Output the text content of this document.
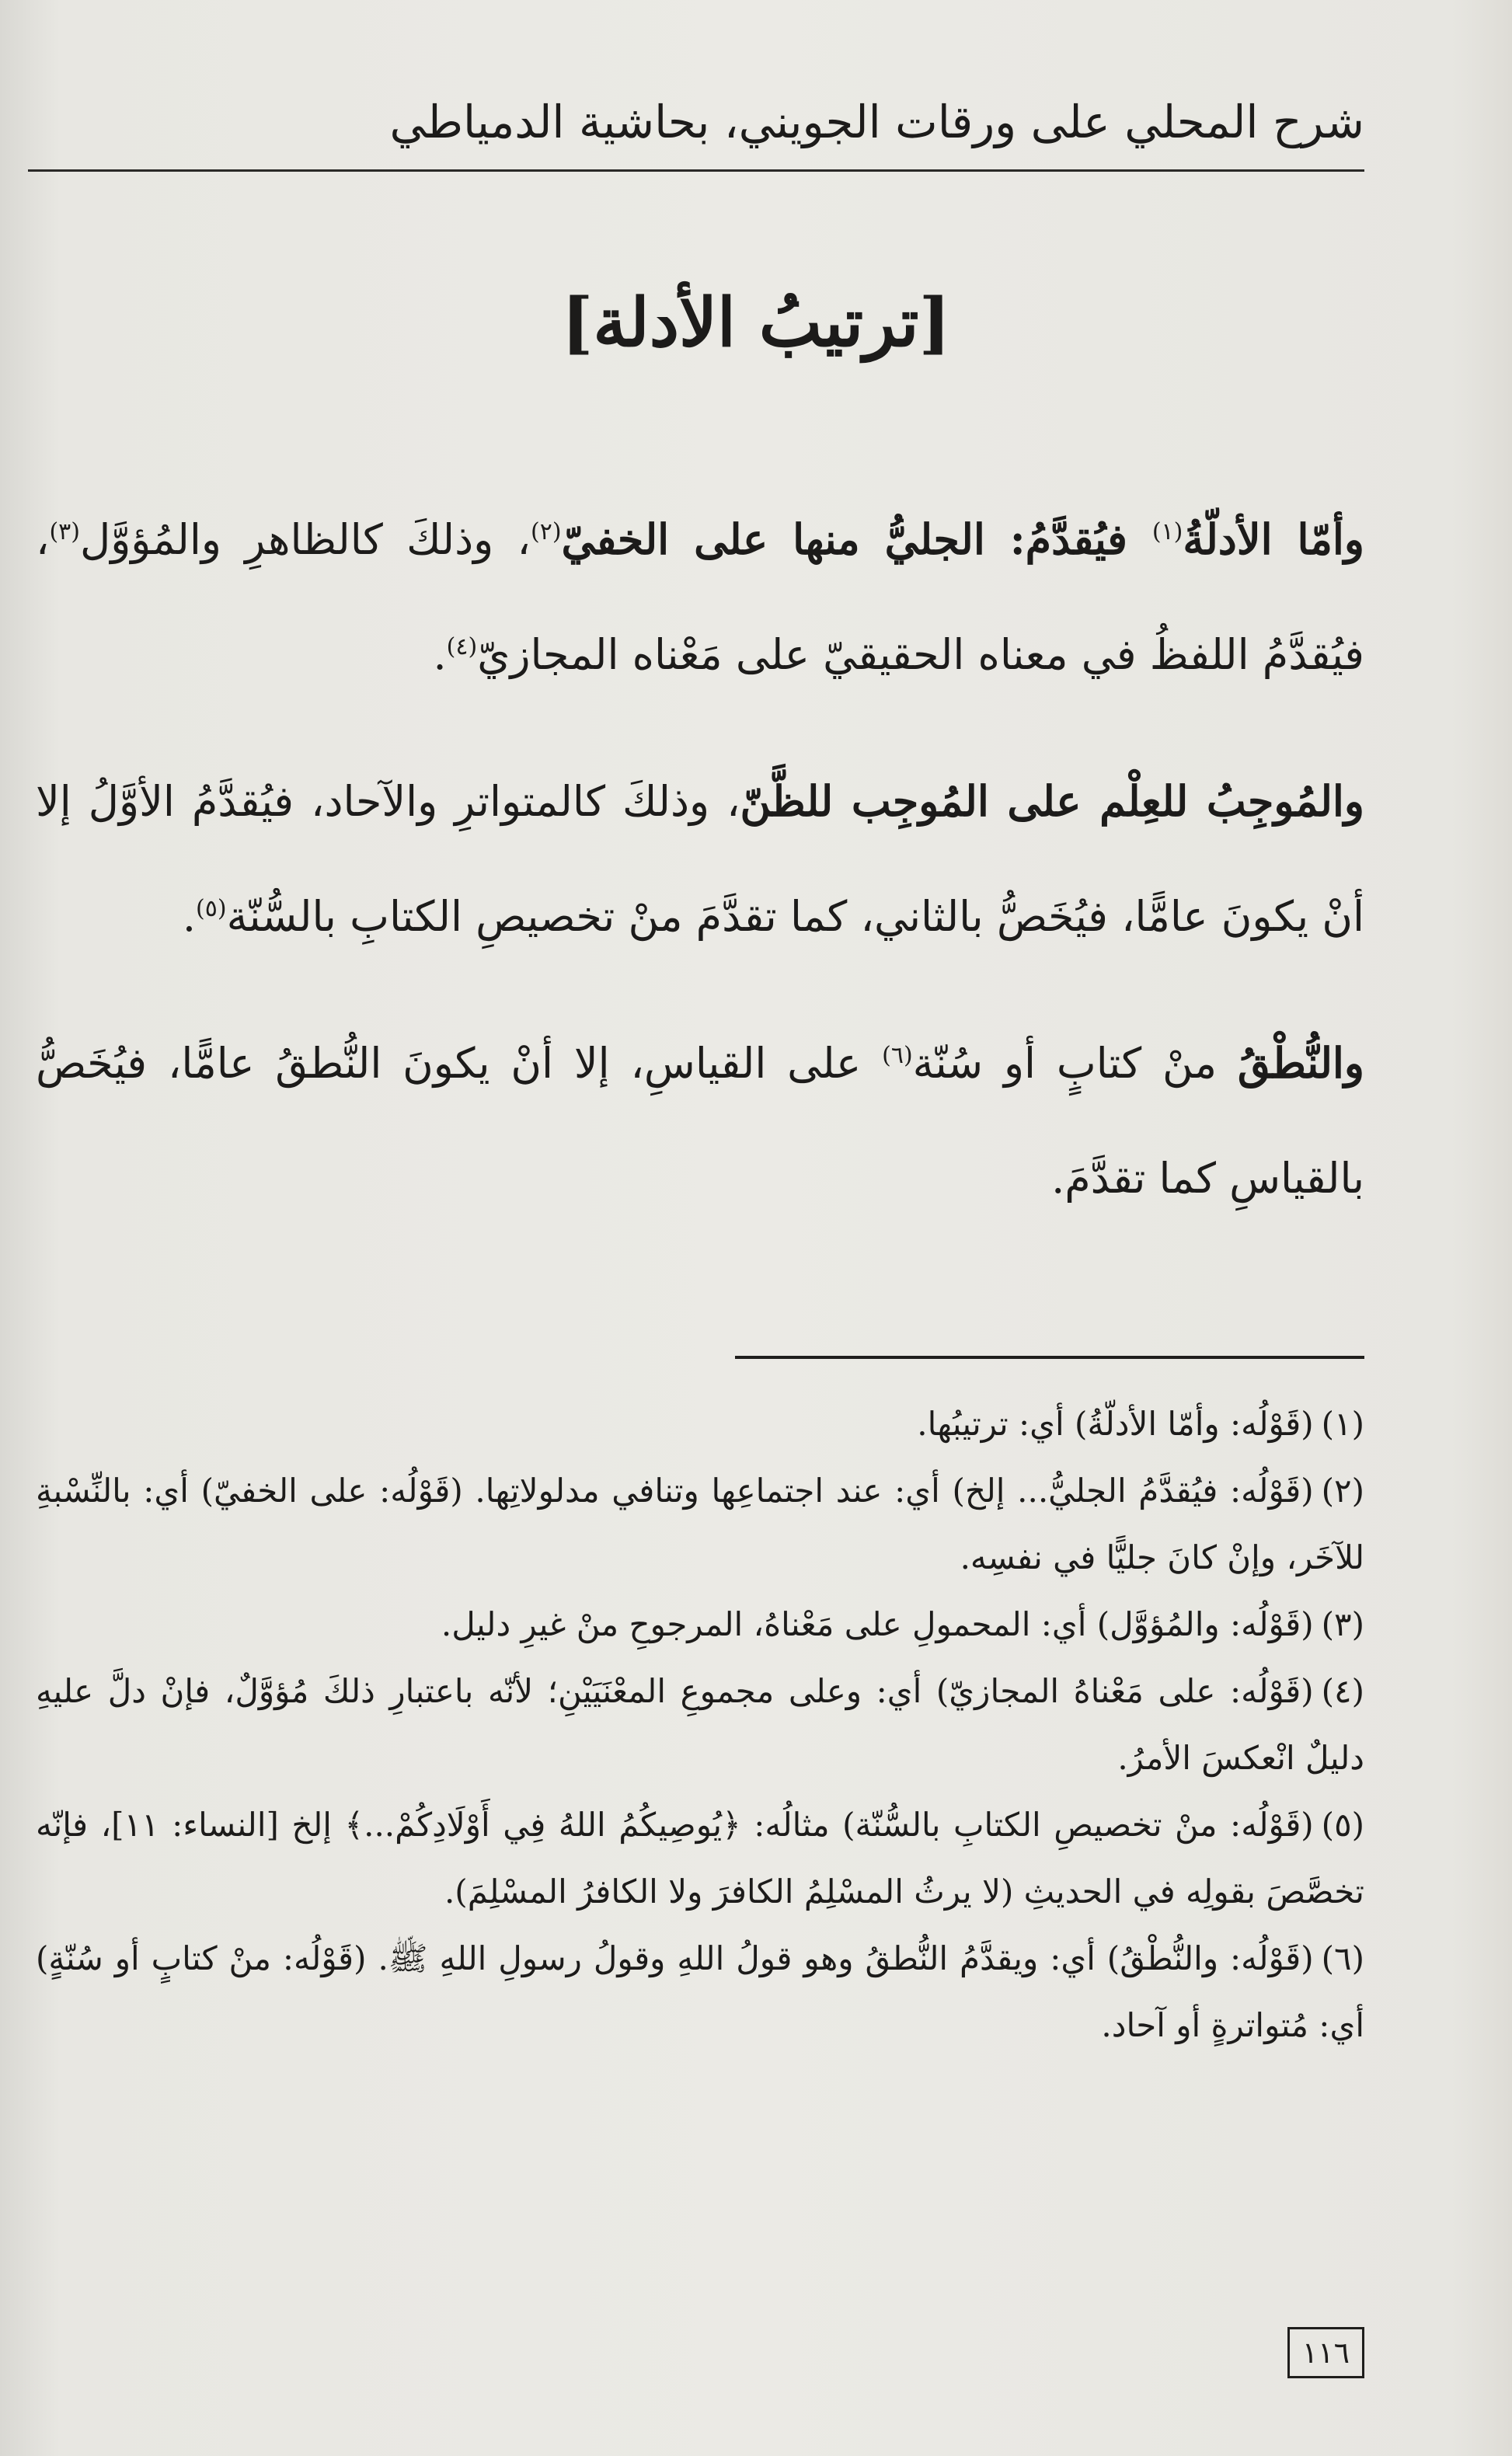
شرح المحلي على ورقات الجويني، بحاشية الدمياطي
[ترتيبُ الأدلة]

وأمّا الأدلّةُ$^{(١)}$ فيُقدَّمُ: الجليُّ منها على الخفيّ$^{(٢)}$، وذلكَ كالظاهرِ والمُؤوَّل$^{(٣)}$، فيُقدَّمُ اللفظُ في معناه الحقيقيّ على مَعْناه المجازيّ$^{(٤)}$.

والمُوجِبُ للعِلْم على المُوجِب للظَّنّ، وذلكَ كالمتواترِ والآحاد، فيُقدَّمُ الأوَّلُ إلا أنْ يكونَ عامًّا، فيُخَصُّ بالثاني، كما تقدَّمَ منْ تخصيصِ الكتابِ بالسُّنّة$^{(٥)}$.

والنُّطْقُ منْ كتابٍ أو سُنّة$^{(٦)}$ على القياسِ، إلا أنْ يكونَ النُّطقُ عامًّا، فيُخَصُّ بالقياسِ كما تقدَّمَ.

(١)(قَوْلُه: وأمّا الأدلّةُ) أي: ترتيبُها.

(٢)(قَوْلُه: فيُقدَّمُ الجليُّ... إلخ) أي: عند اجتماعِها وتنافي مدلولاتِها. (قَوْلُه: على الخفيّ) أي: بالنِّسْبةِ للآخَر، وإنْ كانَ جليًّا في نفسِه.

(٣)(قَوْلُه: والمُؤوَّل) أي: المحمولِ على مَعْناهُ، المرجوحِ منْ غيرِ دليل.

(٤)(قَوْلُه: على مَعْناهُ المجازيّ) أي: وعلى مجموعِ المعْنَيَيْنِ؛ لأنّه باعتبارِ ذلكَ مُؤوَّلٌ، فإنْ دلَّ عليهِ دليلٌ انْعكسَ الأمرُ.

(٥)(قَوْلُه: منْ تخصيصِ الكتابِ بالسُّنّة) مثالُه: ﴿يُوصِيكُمُ اللهُ فِي أَوْلَادِكُمْ...﴾ إلخ [النساء: ١١]، فإنّه تخصَّصَ بقولِه في الحديثِ (لا يرثُ المسْلِمُ الكافرَ ولا الكافرُ المسْلِمَ).

(٦)(قَوْلُه: والنُّطْقُ) أي: ويقدَّمُ النُّطقُ وهو قولُ اللهِ وقولُ رسولِ اللهِ ﷺ. (قَوْلُه: منْ كتابٍ أو سُنّةٍ) أي: مُتواترةٍ أو آحاد.

١١٦
